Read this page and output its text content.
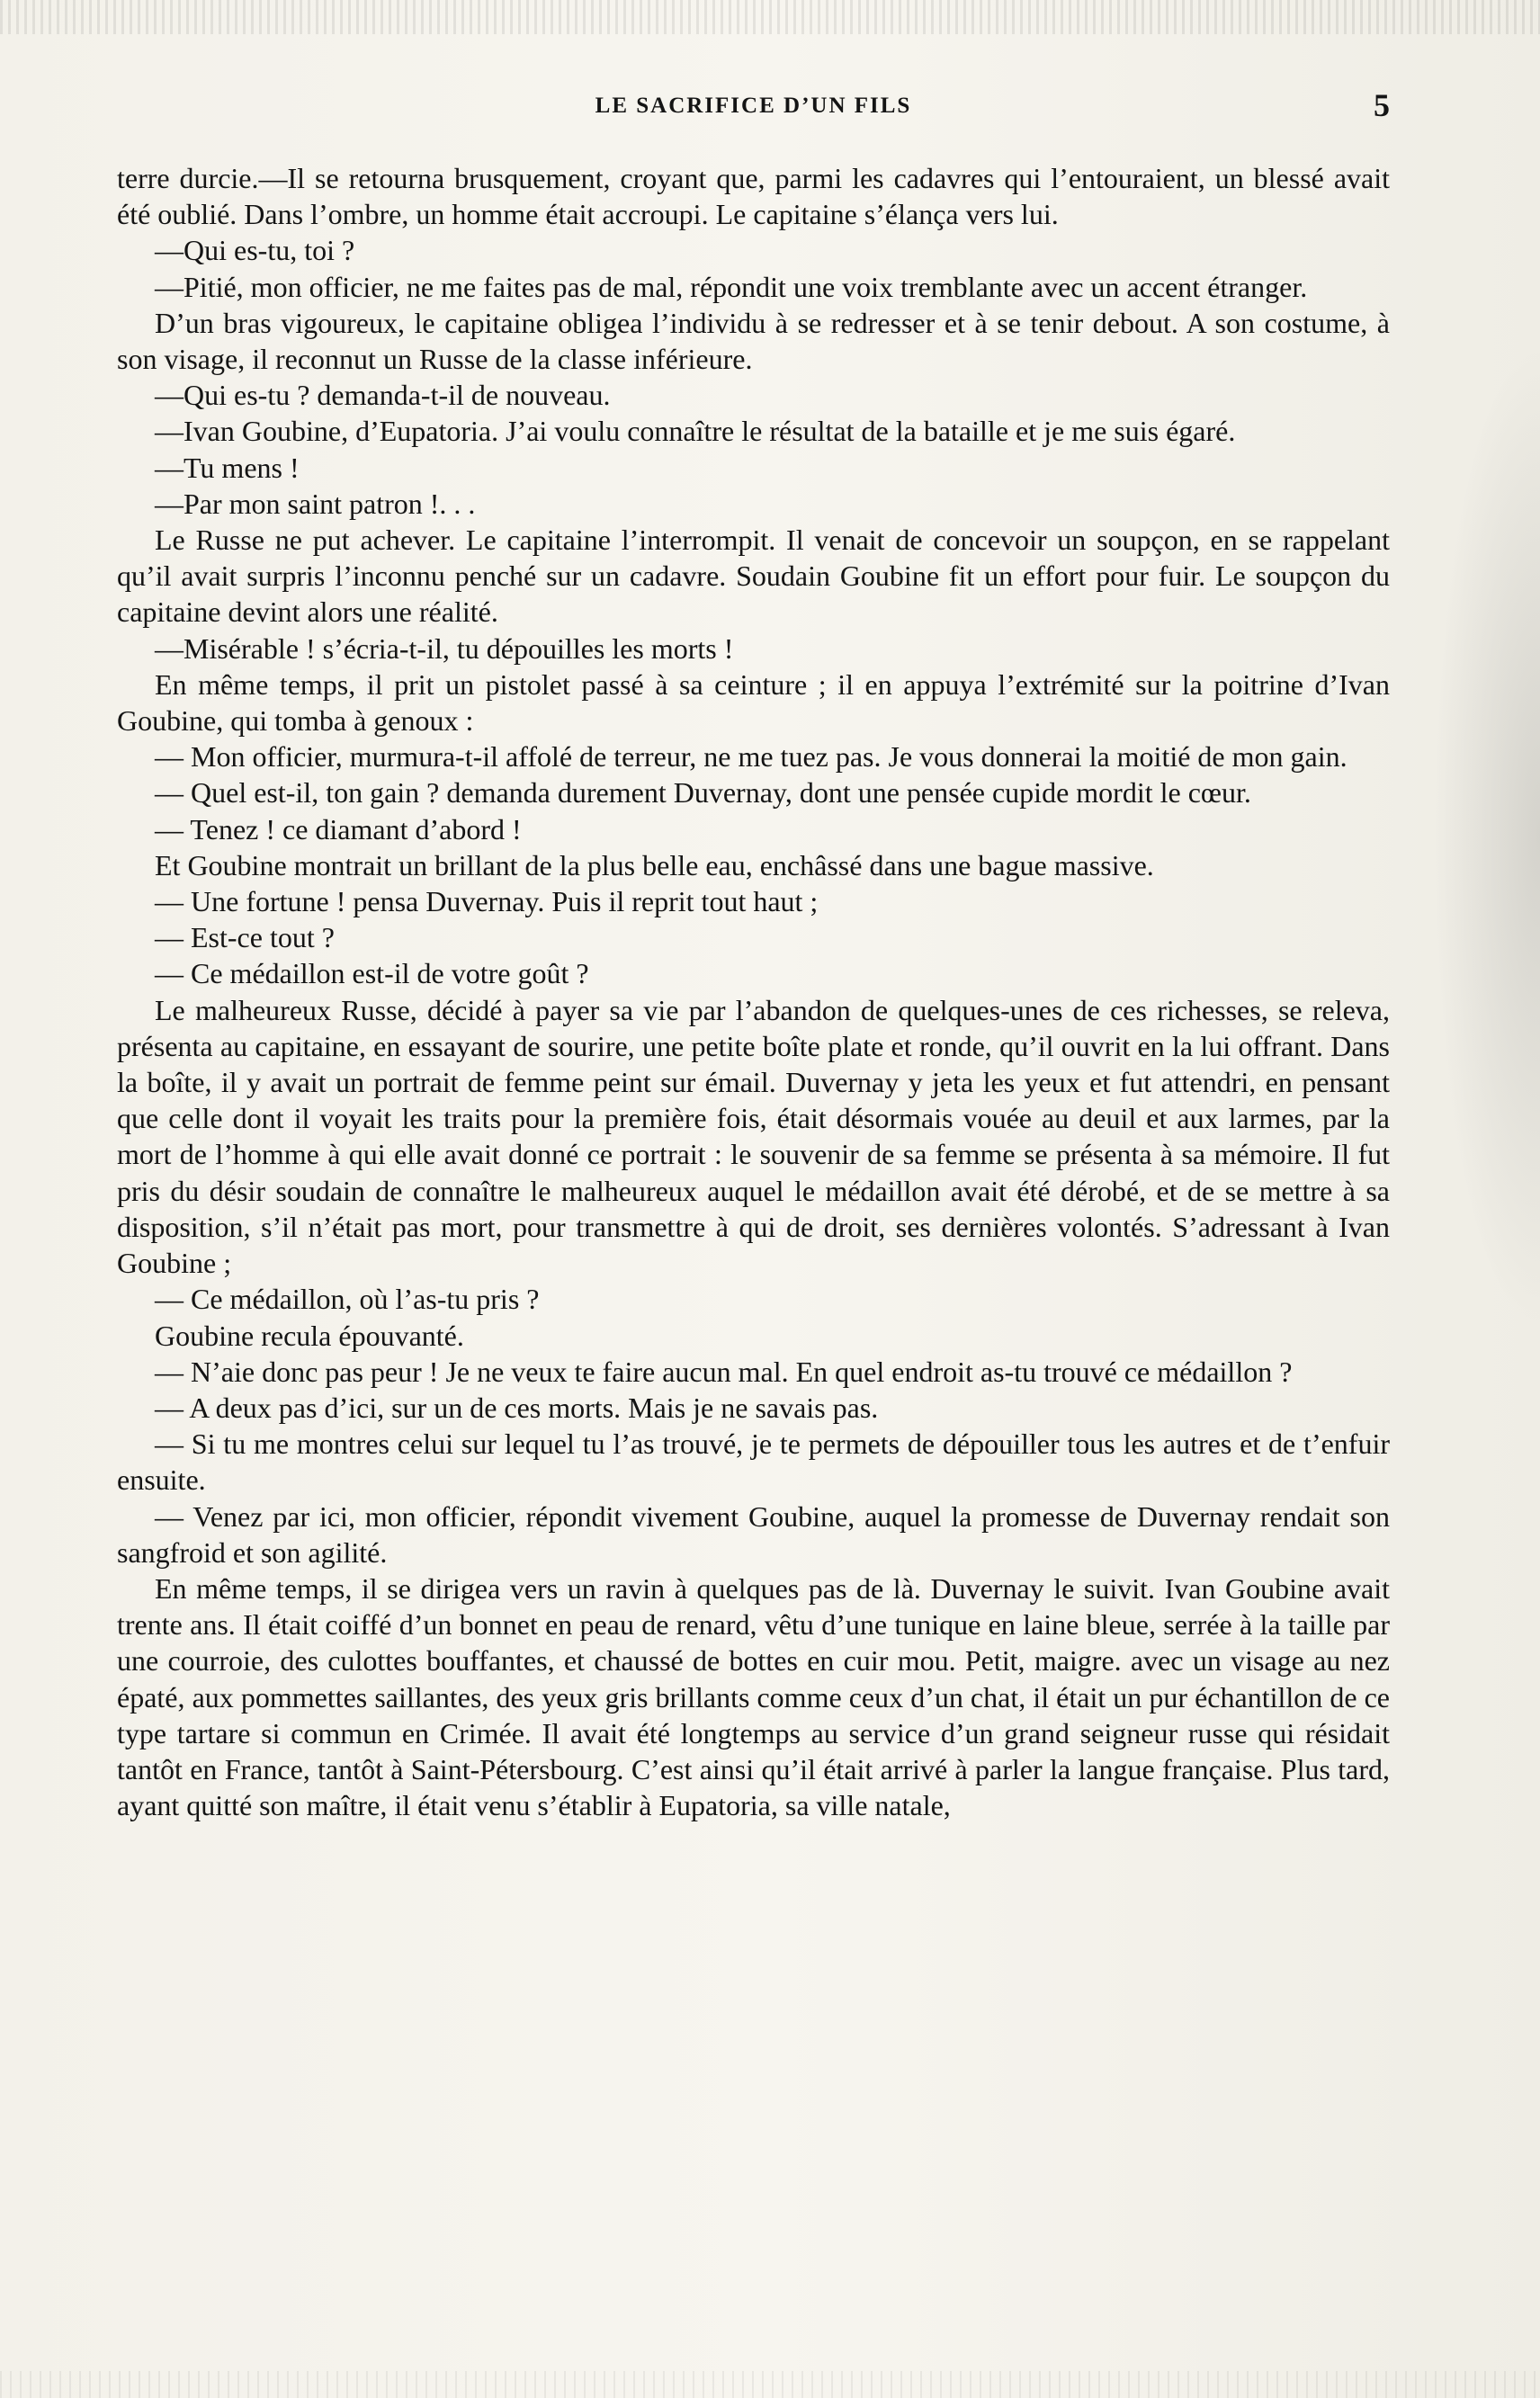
LE SACRIFICE D’UN FILS	5

terre durcie.—Il se retourna brusquement, croyant que, parmi les cadavres qui l’entouraient, un blessé avait été oublié. Dans l’ombre, un homme était accroupi. Le capitaine s’élança vers lui.

—Qui es-tu, toi ?

—Pitié, mon officier, ne me faites pas de mal, répondit une voix tremblante avec un accent étranger.

D’un bras vigoureux, le capitaine obligea l’individu à se redresser et à se tenir debout. A son costume, à son visage, il reconnut un Russe de la classe inférieure.

—Qui es-tu ? demanda-t-il de nouveau.

—Ivan Goubine, d’Eupatoria. J’ai voulu connaître le résultat de la bataille et je me suis égaré.

—Tu mens !

—Par mon saint patron !. . .

Le Russe ne put achever. Le capitaine l’interrompit. Il venait de concevoir un soupçon, en se rappelant qu’il avait surpris l’inconnu penché sur un cadavre. Soudain Goubine fit un effort pour fuir. Le soupçon du capitaine devint alors une réalité.

—Misérable ! s’écria-t-il, tu dépouilles les morts !

En même temps, il prit un pistolet passé à sa ceinture ; il en appuya l’extrémité sur la poitrine d’Ivan Goubine, qui tomba à genoux :

— Mon officier, murmura-t-il affolé de terreur, ne me tuez pas. Je vous donnerai la moitié de mon gain.

— Quel est-il, ton gain ? demanda durement Duvernay, dont une pensée cupide mordit le cœur.

— Tenez ! ce diamant d’abord !

Et Goubine montrait un brillant de la plus belle eau, enchâssé dans une bague massive.

— Une fortune ! pensa Duvernay. Puis il reprit tout haut ;

— Est-ce tout ?

— Ce médaillon est-il de votre goût ?

Le malheureux Russe, décidé à payer sa vie par l’abandon de quelques-unes de ces richesses, se releva, présenta au capitaine, en essayant de sourire, une petite boîte plate et ronde, qu’il ouvrit en la lui offrant. Dans la boîte, il y avait un portrait de femme peint sur émail. Duvernay y jeta les yeux et fut attendri, en pensant que celle dont il voyait les traits pour la première fois, était désormais vouée au deuil et aux larmes, par la mort de l’homme à qui elle avait donné ce portrait : le souvenir de sa femme se présenta à sa mémoire. Il fut pris du désir soudain de connaître le malheureux auquel le médaillon avait été dérobé, et de se mettre à sa disposition, s’il n’était pas mort, pour transmettre à qui de droit, ses dernières volontés. S’adressant à Ivan Goubine ;

— Ce médaillon, où l’as-tu pris ?

Goubine recula épouvanté.

— N’aie donc pas peur ! Je ne veux te faire aucun mal. En quel endroit as-tu trouvé ce médaillon ?

— A deux pas d’ici, sur un de ces morts. Mais je ne savais pas.

— Si tu me montres celui sur lequel tu l’as trouvé, je te permets de dépouiller tous les autres et de t’enfuir ensuite.

— Venez par ici, mon officier, répondit vivement Goubine, auquel la promesse de Duvernay rendait son sangfroid et son agilité.

En même temps, il se dirigea vers un ravin à quelques pas de là. Duvernay le suivit. Ivan Goubine avait trente ans. Il était coiffé d’un bonnet en peau de renard, vêtu d’une tunique en laine bleue, serrée à la taille par une courroie, des culottes bouffantes, et chaussé de bottes en cuir mou. Petit, maigre. avec un visage au nez épaté, aux pommettes saillantes, des yeux gris brillants comme ceux d’un chat, il était un pur échantillon de ce type tartare si commun en Crimée. Il avait été longtemps au service d’un grand seigneur russe qui résidait tantôt en France, tantôt à Saint-Pétersbourg. C’est ainsi qu’il était arrivé à parler la langue française. Plus tard, ayant quitté son maître, il était venu s’établir à Eupatoria, sa ville natale,
